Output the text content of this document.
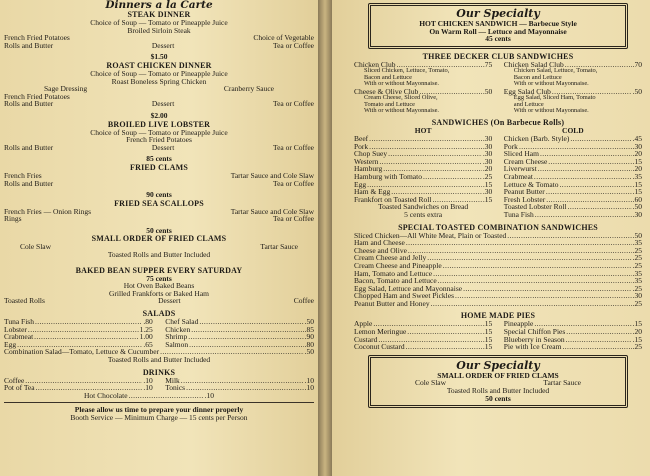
Dinners a la Carte
STEAK DINNER
Choice of Soup — Tomato or Pineapple Juice
Broiled Sirloin Steak
French Fried Potatoes	Choice of Vegetable
Rolls and Butter	Dessert	Tea or Coffee
$1.50
ROAST CHICKEN DINNER
Choice of Soup — Tomato or Pineapple Juice
Roast Boneless Spring Chicken
Sage Dressing	Cranberry Sauce
French Fried Potatoes
Rolls and Butter	Dessert	Tea or Coffee
$2.00
BROILED LIVE LOBSTER
Choice of Soup — Tomato or Pineapple Juice
French Fried Potatoes
Rolls and Butter	Dessert	Tea or Coffee
85 cents
FRIED CLAMS
French Fries	Tartar Sauce and Cole Slaw
Rolls and Butter	Tea or Coffee
90 cents
FRIED SEA SCALLOPS
French Fries — Onion Rings	Tartar Sauce and Cole Slaw
Rings	Tea or Coffee
50 cents
SMALL ORDER OF FRIED CLAMS
Cole Slaw	Tartar Sauce
Toasted Rolls and Butter Included
BAKED BEAN SUPPER EVERY SATURDAY
75 cents
Hot Oven Baked Beans
Grilled Frankforts or Baked Ham
Toasted Rolls	Dessert	Coffee
SALADS
Tuna Fish .....	.80 Chef Salad .....	.50
Lobster .....	1.25 Chicken .....	.85
Crabmeat .....	1.00 Shrimp .....	.90
Egg .....	.65 Salmon .....	.80
Combination Salad—Tomato, Lettuce & Cucumber .....	.50
Toasted Rolls and Butter Included
DRINKS
Coffee .....	.10 Milk .....	.10
Pot of Tea .....	.10 Tonics .....	.10
Hot Chocolate .....	.10
Please allow us time to prepare your dinner properly
Booth Service — Minimum Charge — 15 cents per Person
Our Specialty
HOT CHICKEN SANDWICH — Barbecue Style
On Warm Roll — Lettuce and Mayonnaise
45 cents
THREE DECKER CLUB SANDWICHES
Chicken Club .....	.75
Sliced Chicken, Lettuce, Tomato,
Bacon and Lettuce
With or without Mayonnaise.
Cheese & Olive Club .....	.50
Cream Cheese, Sliced Olive,
Tomato and Lettuce
With or without Mayonnaise.
Chicken Salad Club .....	.70
Chicken Salad, Lettuce, Tomato,
Bacon and Lettuce
With or without Mayonnaise.
Egg Salad Club .....	.50
Egg Salad, Sliced Ham, Tomato
and Lettuce
With or without Mayonnaise.
SANDWICHES (On Barbecue Rolls)
HOT
Beef .....	.30
Pork .....	.30
Chop Suey .....	.30
Western .....	.30
Hamburg .....	.20
Hamburg with Tomato .....	.25
Egg .....	.15
Ham & Egg .....	.30
Frankfort on Toasted Roll .....	.15
Toasted Sandwiches on Bread
5 cents extra
COLD
Chicken (Barb. Style) .....	.45
Pork .....	.30
Sliced Ham .....	.20
Cream Cheese .....	.15
Liverwurst .....	.20
Crabmeat .....	.35
Lettuce & Tomato .....	.15
Peanut Butter .....	.15
Fresh Lobster .....	.60
Toasted Lobster Roll .....	.50
Tuna Fish .....	.30
SPECIAL TOASTED COMBINATION SANDWICHES
Sliced Chicken—All White Meat, Plain or Toasted .....	.50
Ham and Cheese .....	.35
Cheese and Olive .....	.25
Cream Cheese and Jelly .....	.25
Cream Cheese and Pineapple .....	.25
Ham, Tomato and Lettuce .....	.35
Bacon, Tomato and Lettuce .....	.35
Egg Salad, Lettuce and Mayonnaise .....	.25
Chopped Ham and Sweet Pickles .....	.30
Peanut Butter and Honey .....	.25
HOME MADE PIES
Apple .....	.15
Lemon Meringue .....	.15
Custard .....	.15
Coconut Custard .....	.15
Pineapple .....	.15
Special Chiffon Pies .....	.20
Blueberry in Season .....	.15
Pie with Ice Cream .....	.25
Our Specialty
SMALL ORDER OF FRIED CLAMS
Cole Slaw	Tartar Sauce
Toasted Rolls and Butter Included
50 cents
